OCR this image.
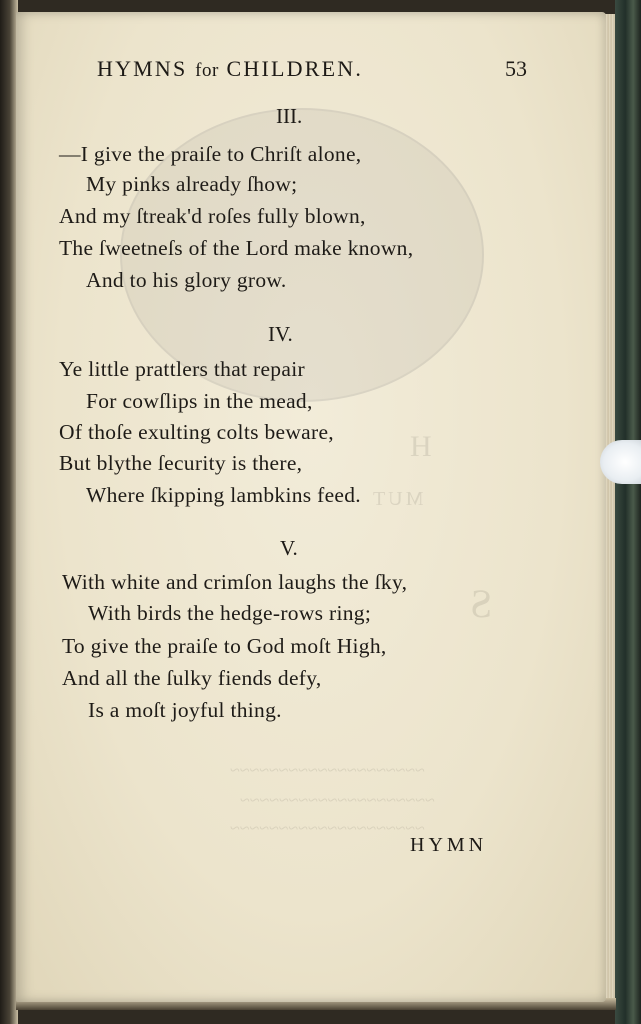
H
MUT
S
~~~~~~~~~~~~~~~~~~~~
~~~~~~~~~~~~~~~~~~~~
~~~~~~~~~~~~~~~~~~~~
HYMNS for CHILDREN.	53
III.
—I give the praiſe to Chriſt alone,
My pinks already ſhow;
And my ſtreak'd roſes fully blown,
The ſweetneſs of the Lord make known,
And to his glory grow.
IV.
Ye little prattlers that repair
For cowſlips in the mead,
Of thoſe exulting colts beware,
But blythe ſecurity is there,
Where ſkipping lambkins feed.
V.
With white and crimſon laughs the ſky,
With birds the hedge-rows ring;
To give the praiſe to God moſt High,
And all the ſulky fiends defy,
Is a moſt joyful thing.
HYMN
